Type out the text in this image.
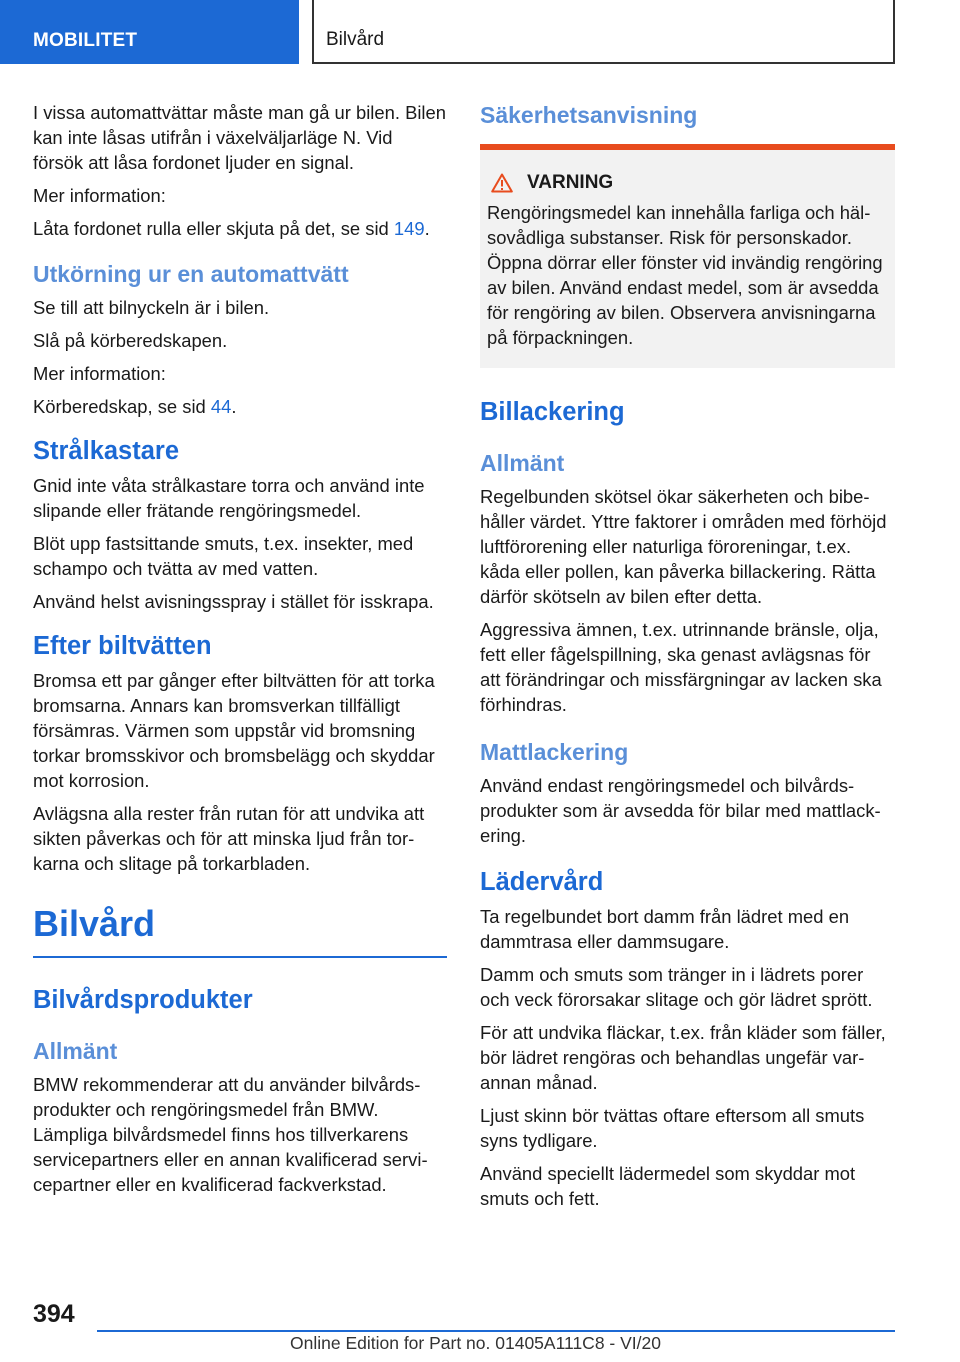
MOBILITET	Bilvård

I vissa automattvättar måste man gå ur bilen. Bilen kan inte låsas utifrån i växelväljarläge N. Vid försök att låsa fordonet ljuder en signal.

Mer information:

Låta fordonet rulla eller skjuta på det, se sid 149.

Utkörning ur en automattvätt

Se till att bilnyckeln är i bilen.

Slå på körberedskapen.

Mer information:

Körberedskap, se sid 44.

Strålkastare

Gnid inte våta strålkastare torra och använd inte slipande eller frätande rengöringsmedel.

Blöt upp fastsittande smuts, t.ex. insekter, med schampo och tvätta av med vatten.

Använd helst avisningsspray i stället för isskrapa.

Efter biltvätten

Bromsa ett par gånger efter biltvätten för att torka bromsarna. Annars kan bromsverkan tillfälligt försämras. Värmen som uppstår vid bromsning torkar bromsskivor och bromsbelägg och skyddar mot korrosion.

Avlägsna alla rester från rutan för att undvika att sikten påverkas och för att minska ljud från torkarna och slitage på torkarbladen.

Bilvård
Bilvårdsprodukter
Allmänt

BMW rekommenderar att du använder bilvårdsprodukter och rengöringsmedel från BMW. Lämpliga bilvårdsmedel finns hos tillverkarens servicepartners eller en annan kvalificerad servicepartner eller en kvalificerad fackverkstad.

Säkerhetsanvisning
VARNING

Rengöringsmedel kan innehålla farliga och hälsovådliga substanser. Risk för personskador. Öppna dörrar eller fönster vid invändig rengöring av bilen. Använd endast medel, som är avsedda för rengöring av bilen. Observera anvisningarna på förpackningen.

Billackering
Allmänt

Regelbunden skötsel ökar säkerheten och bibehåller värdet. Yttre faktorer i områden med förhöjd luftförorening eller naturliga föroreningar, t.ex. kåda eller pollen, kan påverka billackering. Rätta därför skötseln av bilen efter detta.

Aggressiva ämnen, t.ex. utrinnande bränsle, olja, fett eller fågelspillning, ska genast avlägsnas för att förändringar och missfärgningar av lacken ska förhindras.

Mattlackering

Använd endast rengöringsmedel och bilvårdsprodukter som är avsedda för bilar med mattlackering.

Lädervård

Ta regelbundet bort damm från lädret med en dammtrasa eller dammsugare.

Damm och smuts som tränger in i lädrets porer och veck förorsakar slitage och gör lädret sprött.

För att undvika fläckar, t.ex. från kläder som fäller, bör lädret rengöras och behandlas ungefär varannan månad.

Ljust skinn bör tvättas oftare eftersom all smuts syns tydligare.

Använd speciellt lädermedel som skyddar mot smuts och fett.

394
Online Edition for Part no. 01405A111C8 - VI/20
